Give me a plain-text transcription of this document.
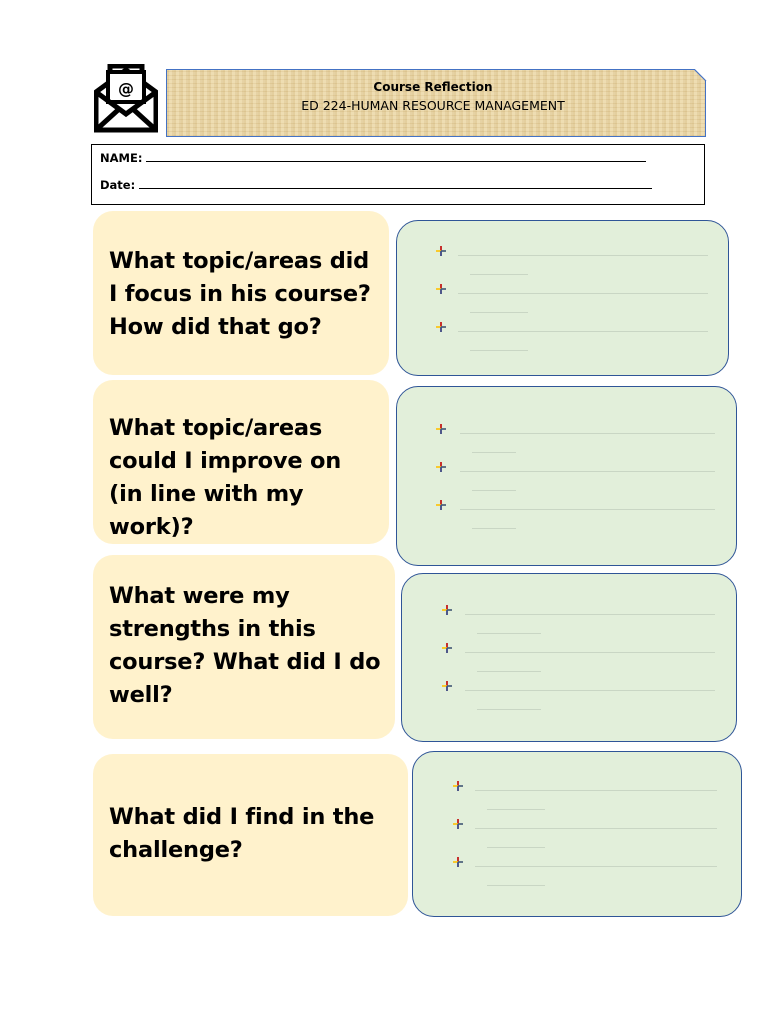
@	Course Reflection
ED 224-HUMAN RESOURCE MANAGEMENT
NAME:
Date:
What topic/areas did I focus in his course? How did that go?
What topic/areas could I improve on (in line with my work)?
What were my strengths in this course? What did I do well?
What did I find in the challenge?
